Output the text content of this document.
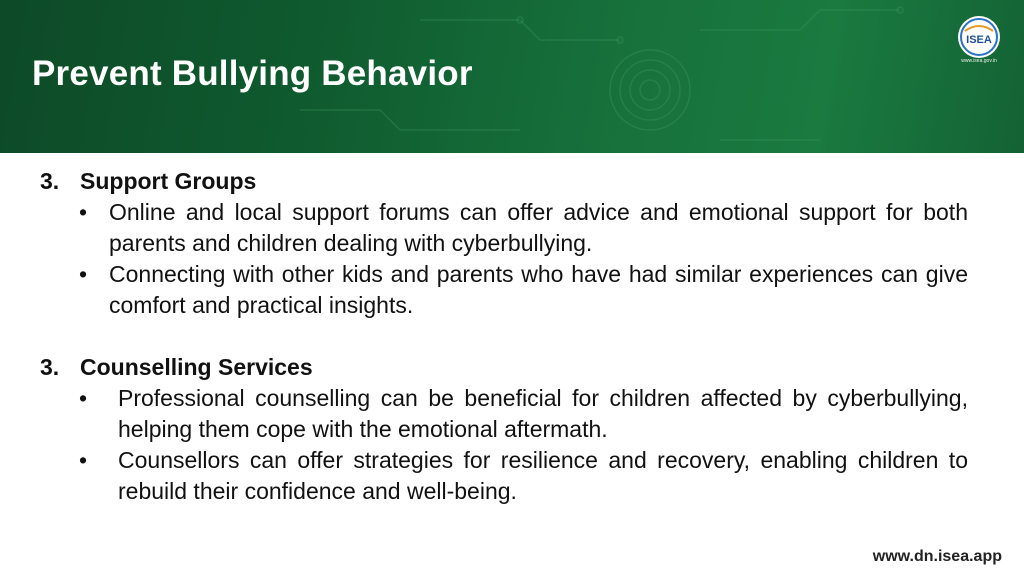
Prevent Bullying Behavior
ISEA
www.isea.gov.in
3. Support Groups
• Online and local support forums can offer advice and emotional support for both parents and children dealing with cyberbullying.
• Connecting with other kids and parents who have had similar experiences can give comfort and practical insights.
3. Counselling Services
•	Professional counselling can be beneficial for children affected by cyberbullying, helping them cope with the emotional aftermath.
•	Counsellors can offer strategies for resilience and recovery, enabling children to rebuild their confidence and well-being.
www.dn.isea.app
